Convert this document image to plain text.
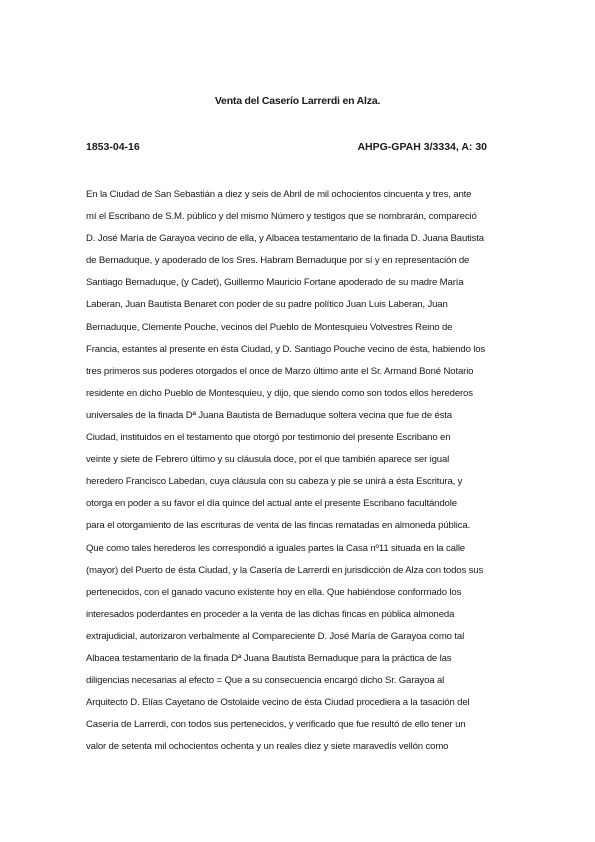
Venta del Caserío Larrerdi en Alza.
1853-04-16	AHPG-GPAH 3/3334, A: 30
En la Ciudad de San Sebastián a diez y seis de Abril de mil ochocientos cincuenta y tres, ante
mí el Escribano de S.M. público y del mismo Número y testigos que se nombrarán, compareció
D. José María de Garayoa vecino de ella, y Albacea testamentario de la finada D. Juana Bautista
de Bernaduque, y apoderado de los Sres. Habram Bernaduque por sí y en representación de
Santiago Bernaduque, (y Cadet), Guillermo Mauricio Fortane apoderado de su madre María
Laberan, Juan Bautista Benaret con poder de su padre político Juan Luis Laberan, Juan
Bernaduque, Clemente Pouche, vecinos del Pueblo de Montesquieu Volvestres Reino de
Francia, estantes al presente en ésta Ciudad, y D. Santiago Pouche vecino de ésta, habiendo los
tres primeros sus poderes otorgados el once de Marzo último ante el Sr. Armand Boné Notario
residente en dicho Pueblo de Montesquieu, y dijo, que siendo como son todos ellos herederos
universales de la finada Dª Juana Bautista de Bernaduque soltera vecina que fue de ésta
Ciudad, instituidos en el testamento que otorgó por testimonio del presente Escribano en
veinte y siete de Febrero último y su cláusula doce, por el que también aparece ser igual
heredero Francisco Labedan, cuya cláusula con su cabeza y pie se unirá a ésta Escritura, y
otorga en poder a su favor el día quince del actual ante el presente Escribano facultándole
para el otorgamiento de las escrituras de venta de las fincas rematadas en almoneda pública.
Que como tales herederos les correspondió a iguales partes la Casa nº11 situada en la calle
(mayor) del Puerto de ésta Ciudad, y la Casería de Larrerdi en jurisdicción de Alza con todos sus
pertenecidos, con el ganado vacuno existente hoy en ella. Que habiéndose conformado los
interesados poderdantes en proceder a la venta de las dichas fincas en pública almoneda
extrajudicial, autorizaron verbalmente al Compareciente D. José María de Garayoa como tal
Albacea testamentario de la finada Dª Juana Bautista Bernaduque para la práctica de las
diligencias necesarias al efecto = Que a su consecuencia encargó dicho Sr. Garayoa al
Arquitecto D. Elías Cayetano de Ostolaide vecino de ésta Ciudad procediera a la tasación del
Casería de Larrerdi, con todos sus pertenecidos, y verificado que fue resultó de ello tener un
valor de setenta mil ochocientos ochenta y un reales diez y siete maravedís vellón como
